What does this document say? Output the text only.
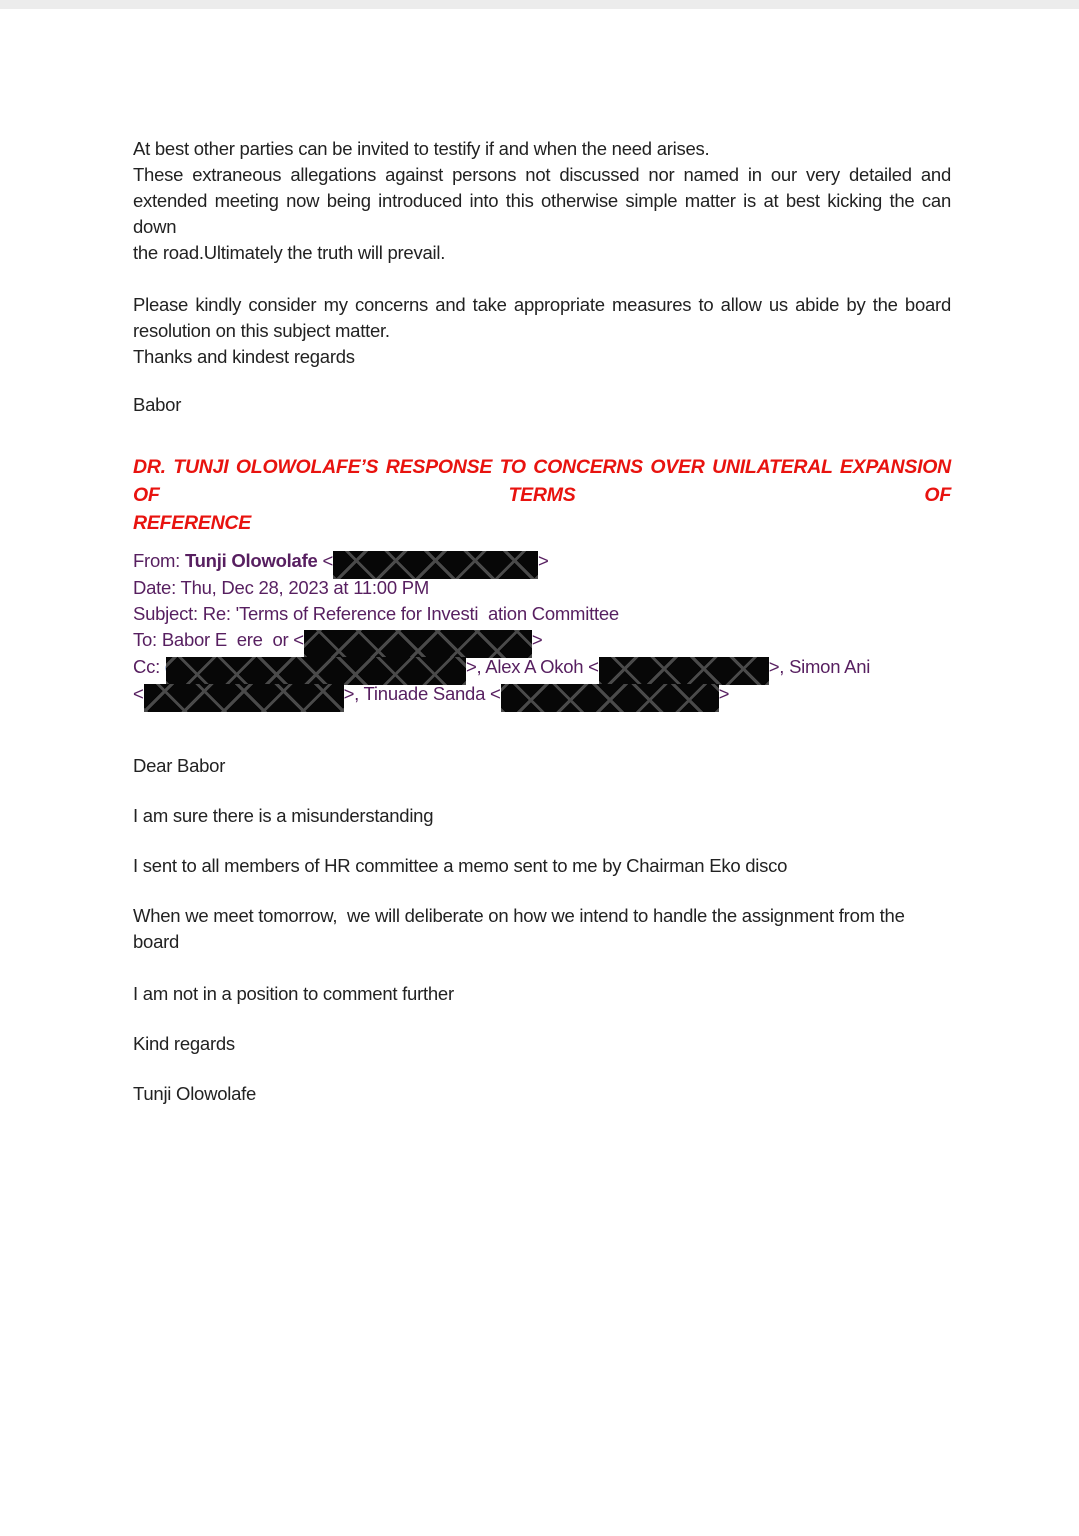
At best other parties can be invited to testify if and when the need arises.
These extraneous allegations against persons not discussed nor named in our very detailed and
extended meeting now being introduced into this otherwise simple matter is at best kicking the can down
the road.Ultimately the truth will prevail.
Please kindly consider my concerns and take appropriate measures to allow us abide by the board
resolution on this subject matter.
Thanks and kindest regards
Babor
DR. TUNJI OLOWOLAFE’S RESPONSE TO CONCERNS OVER UNILATERAL EXPANSION OF TERMS OF
REFERENCE
From: Tunji Olowolafe <	>
Date: Thu, Dec 28, 2023 at 11:00 PM
Subject: Re: 'Terms of Reference for Investi  ation Committee
To: Babor E  ere  or <	>
Cc:	>, Alex A Okoh <	>, Simon Ani
<	>, Tinuade Sanda <	>
Dear Babor
I am sure there is a misunderstanding
I sent to all members of HR committee a memo sent to me by Chairman Eko disco
When we meet tomorrow,  we will deliberate on how we intend to handle the assignment from the
board
I am not in a position to comment further
Kind regards
Tunji Olowolafe
